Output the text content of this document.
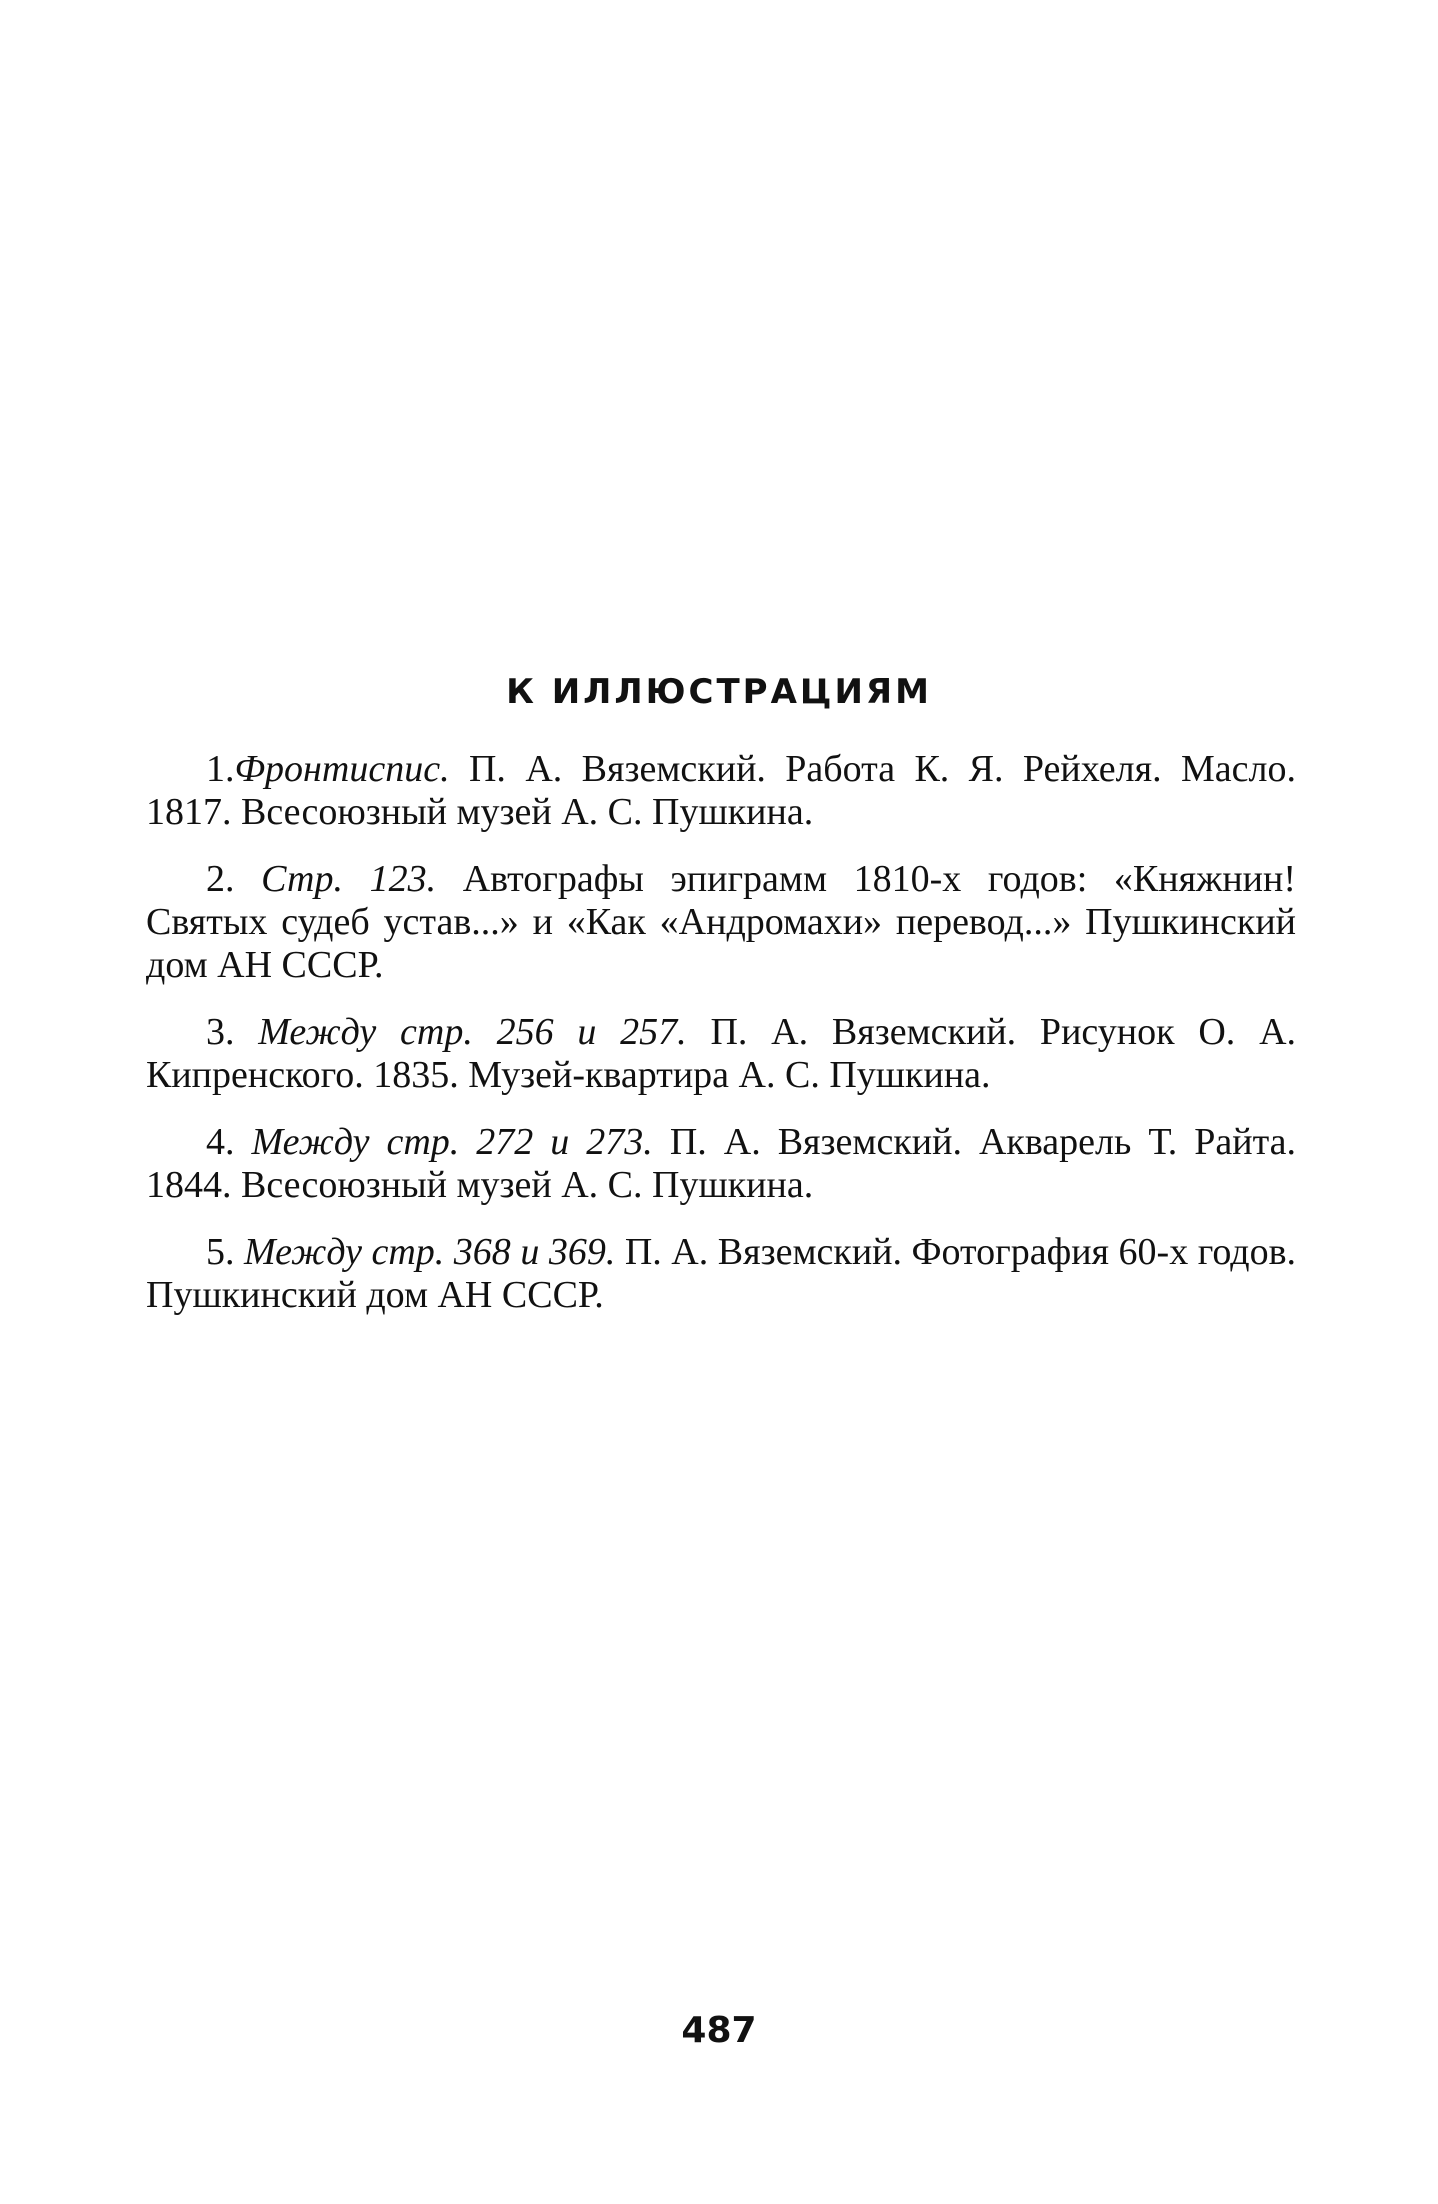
К ИЛЛЮСТРАЦИЯМ

1.Фронтиспис. П. А. Вяземский. Работа К. Я. Рейхеля. Масло. 1817. Всесоюзный музей А. С. Пушкина.

2. Стр. 123. Автографы эпиграмм 1810-х годов: «Княжнин! Святых судеб устав...» и «Как «Андромахи» перевод...» Пушкинский дом АН СССР.

3. Между стр. 256 и 257. П. А. Вяземский. Рисунок О. А. Кипренского. 1835. Музей-квартира А. С. Пушкина.

4. Между стр. 272 и 273. П. А. Вяземский. Акварель Т. Райта. 1844. Всесоюзный музей А. С. Пушкина.

5. Между стр. 368 и 369. П. А. Вяземский. Фотография 60-х годов. Пушкинский дом АН СССР.

487
